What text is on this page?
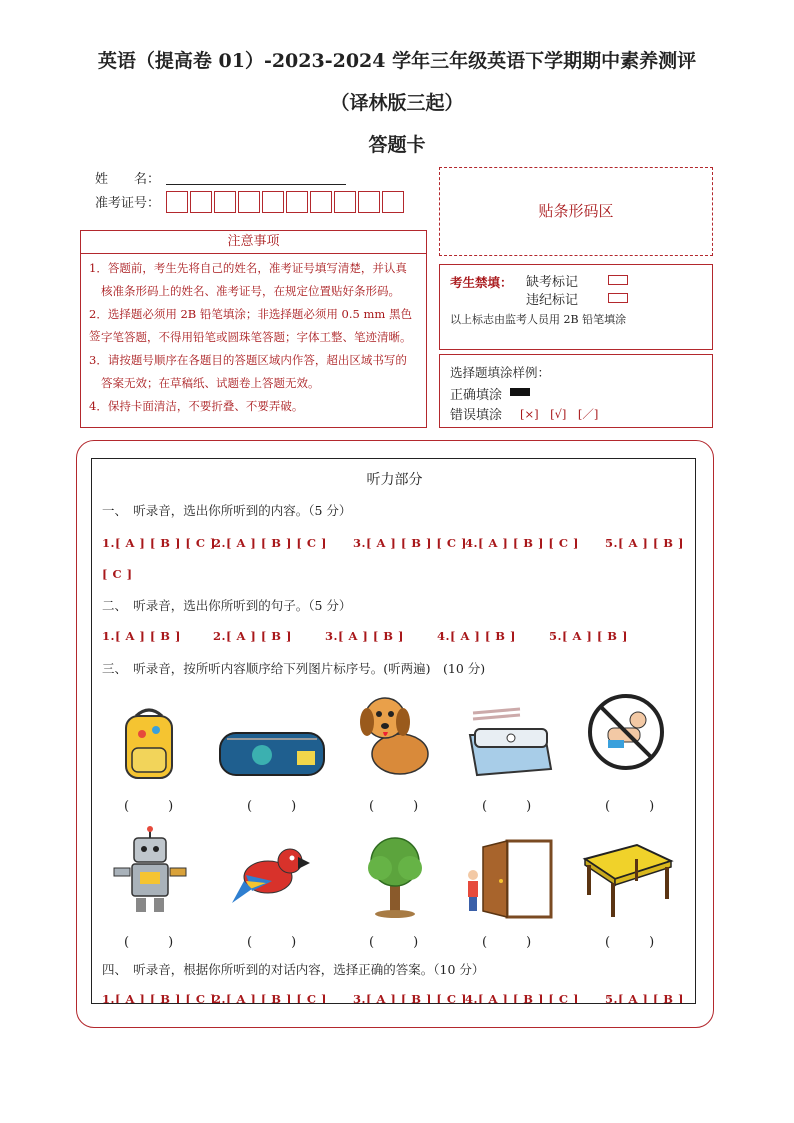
英语（提高卷 01）-2023-2024 学年三年级英语下学期期中素养测评
（译林版三起）
答题卡
姓　　名：
准考证号：	贴条形码区
注意事项
1．答题前，考生先将自己的姓名，准考证号填写清楚，并认真
核准条形码上的姓名、准考证号，在规定位置贴好条形码。
2．选择题必须用 2B 铅笔填涂；非选择题必须用 0.5 mm 黑色签 字笔答题，不得用铅笔或圆珠笔答题；字体工整、笔迹清晰。
3．请按题号顺序在各题目的答题区域内作答，超出区域书写的
答案无效；在草稿纸、试题卷上答题无效。
4．保持卡面清洁，不要折叠、不要弄破。
考生禁填： 缺考标记
违纪标记
以上标志由监考人员用 2B 铅笔填涂
选择题填涂样例：
正确填涂
错误填涂 [×]　[√]　[／]
听力部分
一、　听录音，选出你所听到的内容。（5 分）
1.[ A ] [ B ] [ C ]
2.[ A ] [ B ] [ C ] 3.[ A ] [ B ] [ C ]
4.[ A ] [ B ] [ C ] 5.[ A ] [ B ]
[ C ]
二、　听录音，选出你所听到的句子。（5 分）
1.[ A ] [ B ]	2.[ A ] [ B ]	3.[ A ] [ B ]	4.[ A ] [ B ]	5.[ A ] [ B ]
三、　听录音，按所听内容顺序给下列图片标序号。(听两遍)　(10 分)
(　　　)	(　　　)	(　　　)	(　　　)	(　　　)
(　　　)	(　　　)	(　　　)	(　　　)	(　　　)
四、　听录音，根据你所听到的对话内容，选择正确的答案。（10 分）
1.[ A ] [ B ] [ C ]
2.[ A ] [ B ] [ C ] 3.[ A ] [ B ] [ C ]
4.[ A ] [ B ] [ C ] 5.[ A ] [ B ]
